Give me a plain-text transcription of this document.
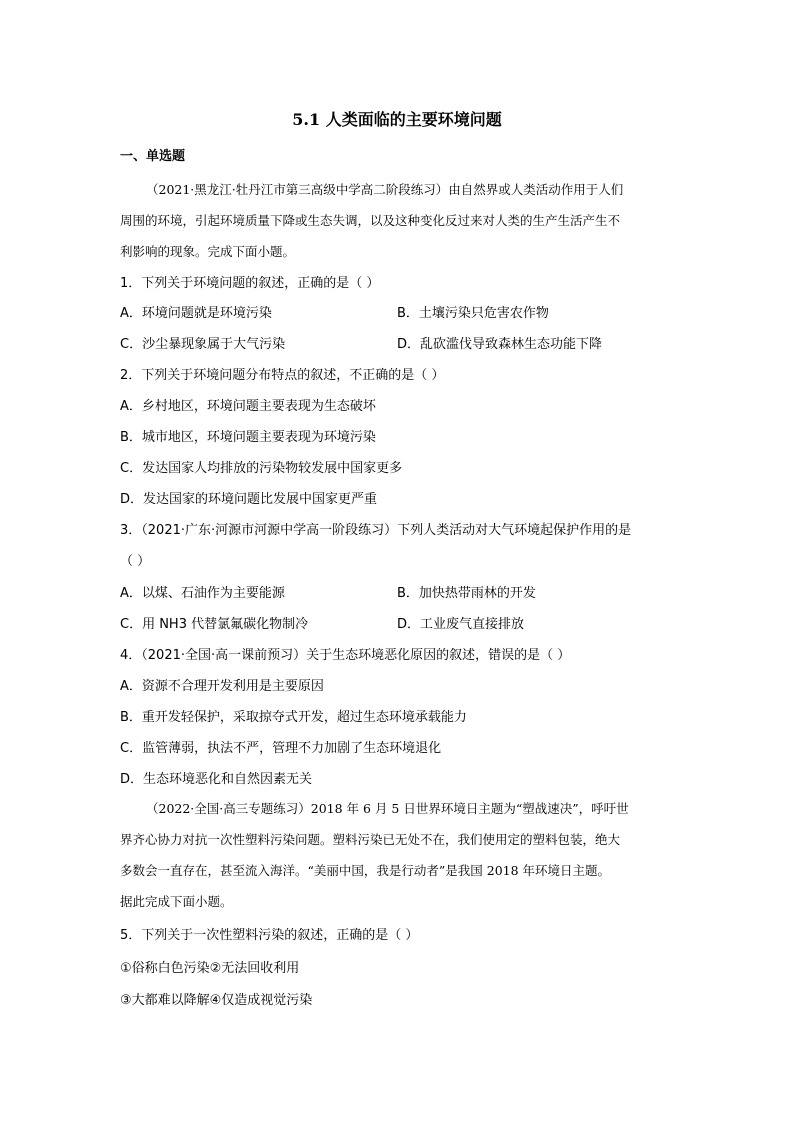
5.1 人类面临的主要环境问题
一、单选题
（2021·黑龙江·牡丹江市第三高级中学高二阶段练习）由自然界或人类活动作用于人们
周围的环境，引起环境质量下降或生态失调，以及这种变化反过来对人类的生产生活产生不
利影响的现象。完成下面小题。
1．下列关于环境问题的叙述，正确的是（ ）
A．环境问题就是环境污染	B．土壤污染只危害农作物
C．沙尘暴现象属于大气污染	D．乱砍滥伐导致森林生态功能下降
2．下列关于环境问题分布特点的叙述，不正确的是（ ）
A．乡村地区，环境问题主要表现为生态破坏
B．城市地区，环境问题主要表现为环境污染
C．发达国家人均排放的污染物较发展中国家更多
D．发达国家的环境问题比发展中国家更严重
3．（2021·广东·河源市河源中学高一阶段练习）下列人类活动对大气环境起保护作用的是
（ ）
A．以煤、石油作为主要能源	B．加快热带雨林的开发
C．用 NH3 代替氯氟碳化物制冷	D．工业废气直接排放
4．（2021·全国·高一课前预习）关于生态环境恶化原因的叙述，错误的是（ ）
A．资源不合理开发利用是主要原因
B．重开发轻保护，采取掠夺式开发，超过生态环境承载能力
C．监管薄弱，执法不严，管理不力加剧了生态环境退化
D．生态环境恶化和自然因素无关
（2022·全国·高三专题练习）2018 年 6 月 5 日世界环境日主题为“塑战速决”，呼吁世
界齐心协力对抗一次性塑料污染问题。塑料污染已无处不在，我们使用定的塑料包装，绝大
多数会一直存在，甚至流入海洋。“美丽中国，我是行动者”是我国 2018 年环境日主题。
据此完成下面小题。
5．下列关于一次性塑料污染的叙述，正确的是（ ）
①俗称白色污染②无法回收利用
③大都难以降解④仅造成视觉污染
